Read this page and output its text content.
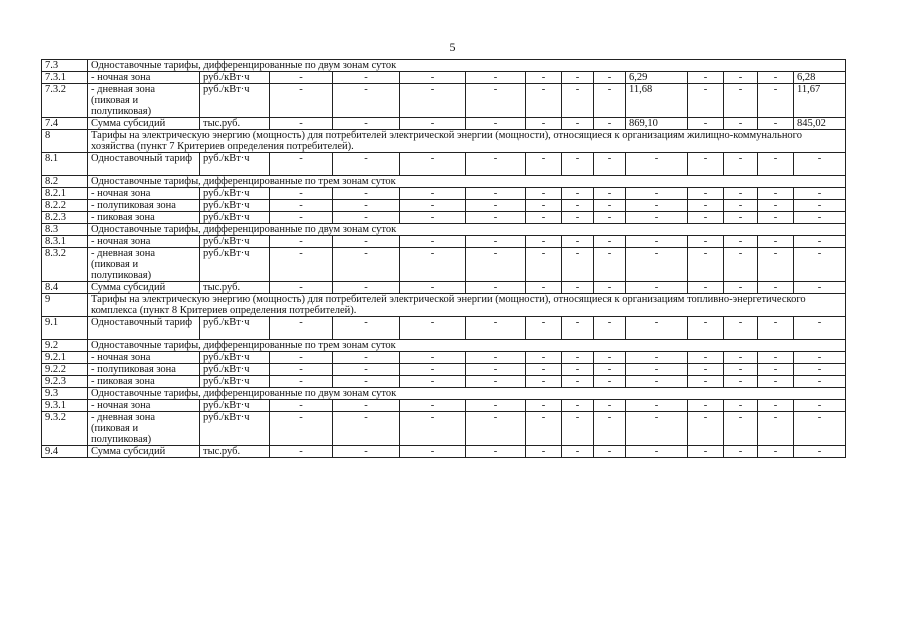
5
7.3	Одноставочные тарифы, дифференцированные по двум зонам суток													
7.3.1	- ночная зона	руб./кВт·ч	-	-	-	-	-	-	-	6,29	-	-	-	6,28
7.3.2	- дневная зона (пиковая и полупиковая)	руб./кВт·ч	-	-	-	-	-	-	-	11,68	-	-	-	11,67
7.4	Сумма субсидий	тыс.руб.	-	-	-	-	-	-	-	869,10	-	-	-	845,02
8	Тарифы на электрическую энергию (мощность) для потребителей электрической энергии (мощности), относящиеся к организациям жилищно-коммунального хозяйства (пункт 7 Критериев определения потребителей).													
8.1	Одноставочный тариф	руб./кВт·ч	-	-	-	-	-	-	-	-	-	-	-	-
8.2	Одноставочные тарифы, дифференцированные по трем зонам суток													
8.2.1	- ночная зона	руб./кВт·ч	-	-	-	-	-	-	-	-	-	-	-	-
8.2.2	- полупиковая зона	руб./кВт·ч	-	-	-	-	-	-	-	-	-	-	-	-
8.2.3	- пиковая зона	руб./кВт·ч	-	-	-	-	-	-	-	-	-	-	-	-
8.3	Одноставочные тарифы, дифференцированные по двум зонам суток													
8.3.1	- ночная зона	руб./кВт·ч	-	-	-	-	-	-	-	-	-	-	-	-
8.3.2	- дневная зона (пиковая и полупиковая)	руб./кВт·ч	-	-	-	-	-	-	-	-	-	-	-	-
8.4	Сумма субсидий	тыс.руб.	-	-	-	-	-	-	-	-	-	-	-	-
9	Тарифы на электрическую энергию (мощность) для потребителей электрической энергии (мощности), относящиеся к организациям топливно-энергетического комплекса (пункт 8 Критериев определения потребителей).													
9.1	Одноставочный тариф	руб./кВт·ч	-	-	-	-	-	-	-	-	-	-	-	-
9.2	Одноставочные тарифы, дифференцированные по трем зонам суток													
9.2.1	- ночная зона	руб./кВт·ч	-	-	-	-	-	-	-	-	-	-	-	-
9.2.2	- полупиковая зона	руб./кВт·ч	-	-	-	-	-	-	-	-	-	-	-	-
9.2.3	- пиковая зона	руб./кВт·ч	-	-	-	-	-	-	-	-	-	-	-	-
9.3	Одноставочные тарифы, дифференцированные по двум зонам суток													
9.3.1	- ночная зона	руб./кВт·ч	-	-	-	-	-	-	-	-	-	-	-	-
9.3.2	- дневная зона (пиковая и полупиковая)	руб./кВт·ч	-	-	-	-	-	-	-	-	-	-	-	-
9.4	Сумма субсидий	тыс.руб.	-	-	-	-	-	-	-	-	-	-	-	-
